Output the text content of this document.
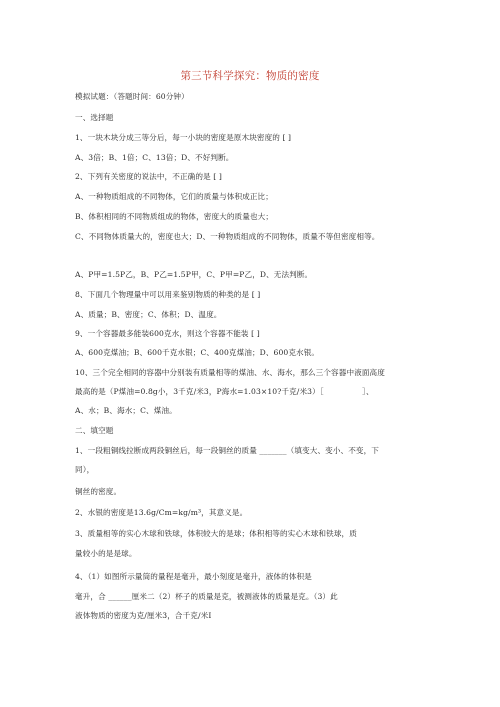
第三节科学探究：物质的密度
模拟试题：（答题时间：60分钟）
一、选择题
1、一块木块分成三等分后，每一小块的密度是原木块密度的 [ ]
A、3倍；B、1倍；C、13倍；D、不好判断。
2、下列有关密度的说法中，不正确的是 [ ]
A、一种物质组成的不同物体，它们的质量与体积成正比；
B、体积相同的不同物质组成的物体，密度大的质量也大；
C、不同物体质量大的，密度也大；D、一种物质组成的不同物体，质量不等但密度相等。
A、P甲=1.5P乙，B、P乙=1.5P甲，C、P甲=P乙，D、无法判断。
8、下面几个物理量中可以用来鉴别物质的种类的是 [ ]
A、质量；B、密度；C、体积；D、温度。
9、一个容器最多能装600克水，则这个容器不能装 [ ]
A、600克煤油；B、600千克水银；C、400克煤油；D、600克水银。
10、三个完全相同的容器中分别装有质量相等的煤油、水、海水，那么三个容器中液面高度
最高的是（P煤油=0.8g小，3千克/米3，P海水=1.03×10?千克/米3）［　　　　　］、
A、水；B、海水；C、煤油。
二、填空题
1、一段粗铜线拉断成两段铜丝后，每一段铜丝的质量 _______（填变大、变小、不变，下
同），
铜丝的密度。
2、水银的密度是13.6g/Cm=kg/m³，其意义是。
3、质量相等的实心木球和铁球，体积较大的是球；体积相等的实心木球和铁球，质
量较小的是是球。
4、（1）如图所示量筒的量程是毫升，最小刻度是毫升，液体的体积是
毫升，合 ______厘米二（2）杯子的质量是克，被测液体的质量是克。（3）此
液体物质的密度为克/厘米3，合千克/米I
